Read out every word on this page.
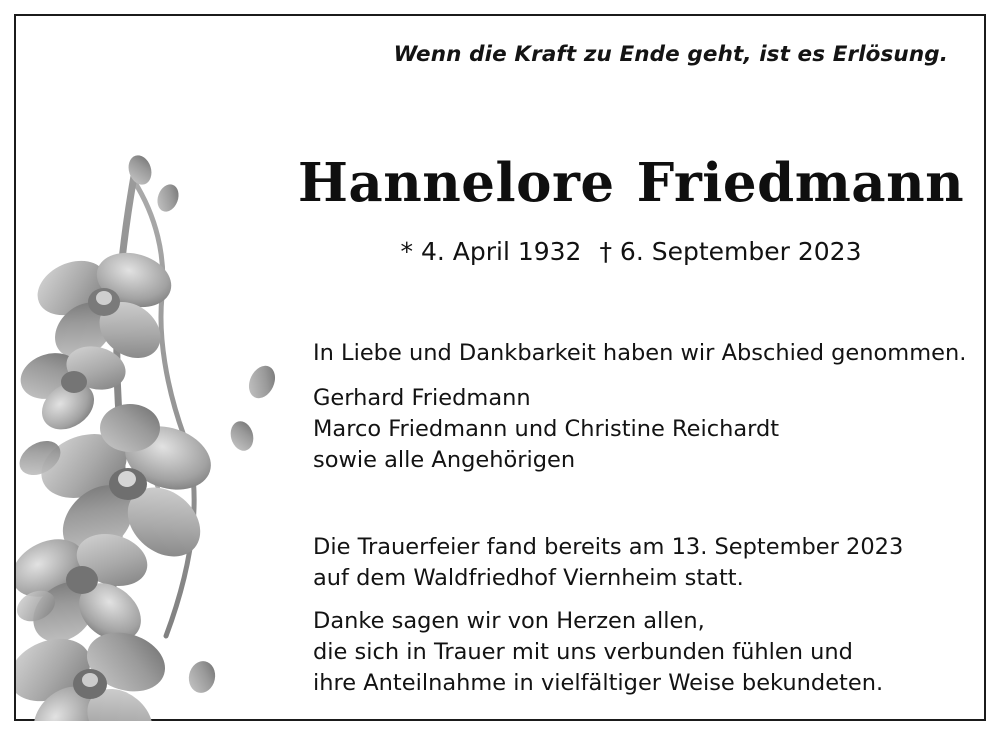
Wenn die Kraft zu Ende geht, ist es Erlösung.
Hannelore Friedmann
* 4. April 1932 † 6. September 2023
In Liebe und Dankbarkeit haben wir Abschied genommen.
Gerhard Friedmann
Marco Friedmann und Christine Reichardt
sowie alle Angehörigen
Die Trauerfeier fand bereits am 13. September 2023
auf dem Waldfriedhof Viernheim statt.
Danke sagen wir von Herzen allen,
die sich in Trauer mit uns verbunden fühlen und
ihre Anteilnahme in vielfältiger Weise bekundeten.
